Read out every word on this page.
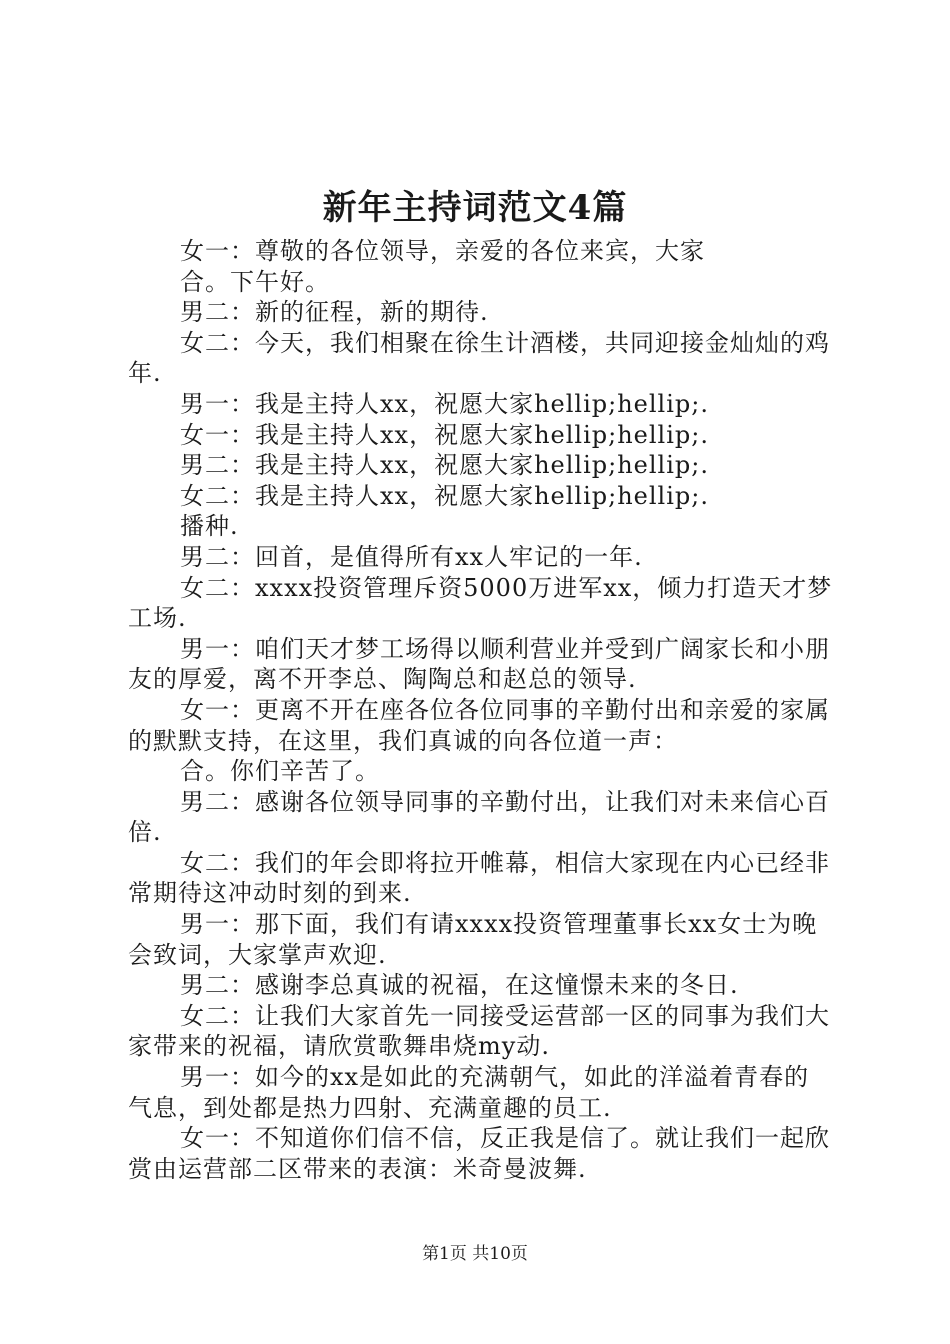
新年主持词范文4篇

女一：尊敬的各位领导，亲爱的各位来宾，大家

合。下午好。

男二：新的征程，新的期待.

女二：今天，我们相聚在徐生计酒楼，共同迎接金灿灿的鸡年.

男一：我是主持人xx，祝愿大家hellip;hellip;.

女一：我是主持人xx，祝愿大家hellip;hellip;.

男二：我是主持人xx，祝愿大家hellip;hellip;.

女二：我是主持人xx，祝愿大家hellip;hellip;.

播种.

男二：回首，是值得所有xx人牢记的一年.

女二：xxxx投资管理斥资5000万进军xx，倾力打造天才梦工场.

男一：咱们天才梦工场得以顺利营业并受到广阔家长和小朋友的厚爱，离不开李总、陶陶总和赵总的领导.

女一：更离不开在座各位各位同事的辛勤付出和亲爱的家属的默默支持，在这里，我们真诚的向各位道一声：

合。你们辛苦了。

男二：感谢各位领导同事的辛勤付出，让我们对未来信心百倍.

女二：我们的年会即将拉开帷幕，相信大家现在内心已经非常期待这冲动时刻的到来.

男一：那下面，我们有请xxxx投资管理董事长xx女士为晚会致词，大家掌声欢迎.

男二：感谢李总真诚的祝福，在这憧憬未来的冬日.

女二：让我们大家首先一同接受运营部一区的同事为我们大家带来的祝福，请欣赏歌舞串烧my动.

男一：如今的xx是如此的充满朝气，如此的洋溢着青春的气息，到处都是热力四射、充满童趣的员工.

女一：不知道你们信不信，反正我是信了。就让我们一起欣赏由运营部二区带来的表演：米奇曼波舞.

第1页 共10页
